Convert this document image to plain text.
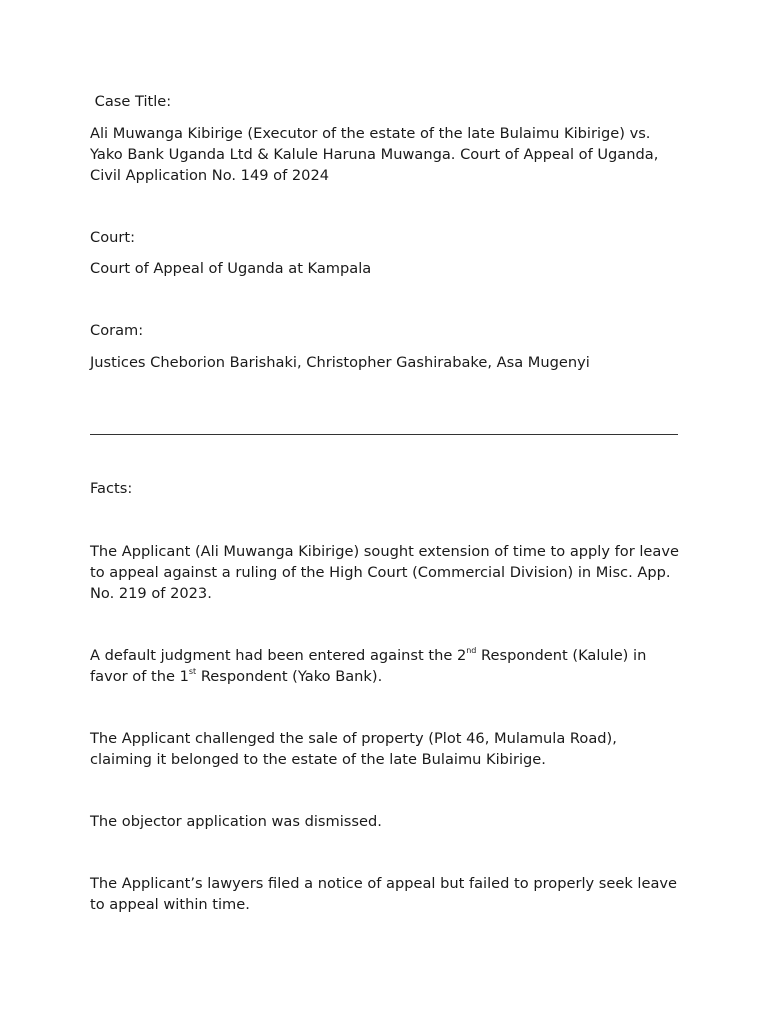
Case Title:

Ali Muwanga Kibirige (Executor of the estate of the late Bulaimu Kibirige) vs. Yako Bank Uganda Ltd & Kalule Haruna Muwanga. Court of Appeal of Uganda, Civil Application No. 149 of 2024

Court:

Court of Appeal of Uganda at Kampala

Coram:

Justices Cheborion Barishaki, Christopher Gashirabake, Asa Mugenyi

Facts:

The Applicant (Ali Muwanga Kibirige) sought extension of time to apply for leave to appeal against a ruling of the High Court (Commercial Division) in Misc. App. No. 219 of 2023.

A default judgment had been entered against the 2nd Respondent (Kalule) in favor of the 1st Respondent (Yako Bank).

The Applicant challenged the sale of property (Plot 46, Mulamula Road), claiming it belonged to the estate of the late Bulaimu Kibirige.

The objector application was dismissed.

The Applicant’s lawyers filed a notice of appeal but failed to properly seek leave to appeal within time.
